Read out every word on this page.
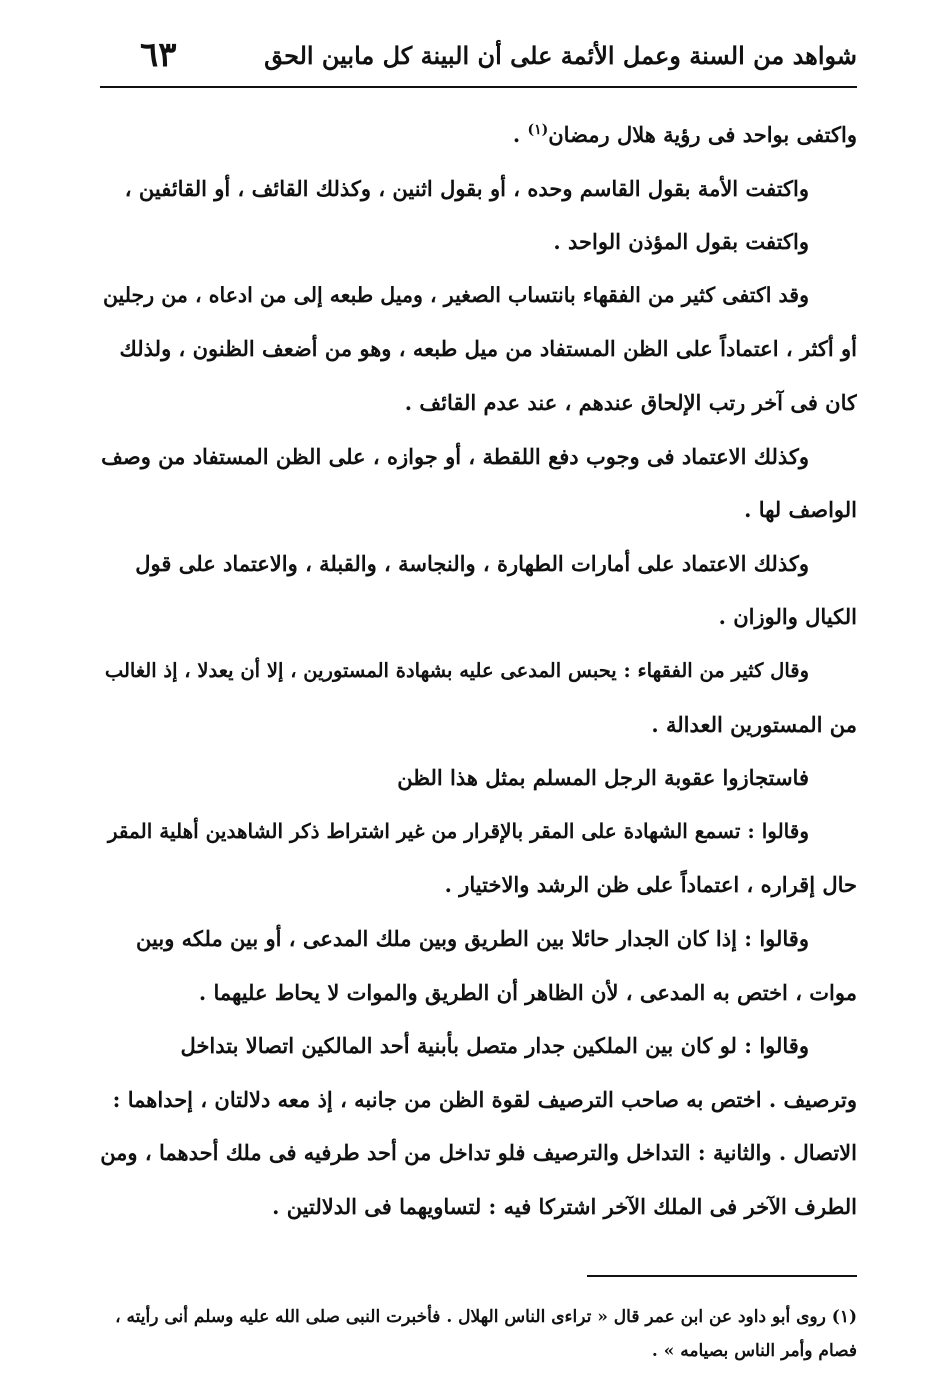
شواهد من السنة وعمل الأئمة على أن البينة كل مابين الحق
٦٣
واكتفى بواحد فى رؤية هلال رمضان$^{(١)}$ .
واكتفت الأمة بقول القاسم وحده ، أو بقول اثنين ، وكذلك القائف ، أو القائفين ،
واكتفت بقول المؤذن الواحد .
وقد اكتفى كثير من الفقهاء بانتساب الصغير ، وميل طبعه إلى من ادعاه ، من رجلين
أو أكثر ، اعتماداً على الظن المستفاد من ميل طبعه ، وهو من أضعف الظنون ، ولذلك
كان فى آخر رتب الإلحاق عندهم ، عند عدم القائف .
وكذلك الاعتماد فى وجوب دفع اللقطة ، أو جوازه ، على الظن المستفاد من وصف
الواصف لها .
وكذلك الاعتماد على أمارات الطهارة ، والنجاسة ، والقبلة ، والاعتماد على قول
الكيال والوزان .
وقال كثير من الفقهاء : يحبس المدعى عليه بشهادة المستورين ، إلا أن يعدلا ، إذ الغالب
من المستورين العدالة .
فاستجازوا عقوبة الرجل المسلم بمثل هذا الظن
وقالوا : تسمع الشهادة على المقر بالإقرار من غير اشتراط ذكر الشاهدين أهلية المقر
حال إقراره ، اعتماداً على ظن الرشد والاختيار .
وقالوا : إذا كان الجدار حائلا بين الطريق وبين ملك المدعى ، أو بين ملكه وبين
موات ، اختص به المدعى ، لأن الظاهر أن الطريق والموات لا يحاط عليهما .
وقالوا : لو كان بين الملكين جدار متصل بأبنية أحد المالكين اتصالا بتداخل
وترصيف . اختص به صاحب الترصيف لقوة الظن من جانبه ، إذ معه دلالتان ، إحداهما :
الاتصال . والثانية : التداخل والترصيف فلو تداخل من أحد طرفيه فى ملك أحدهما ، ومن
الطرف الآخر فى الملك الآخر اشتركا فيه : لتساويهما فى الدلالتين .
(١) روى أبو داود عن ابن عمر قال « تراءى الناس الهلال . فأخبرت النبى صلى الله عليه وسلم أنى رأيته ،
فصام وأمر الناس بصيامه » .
